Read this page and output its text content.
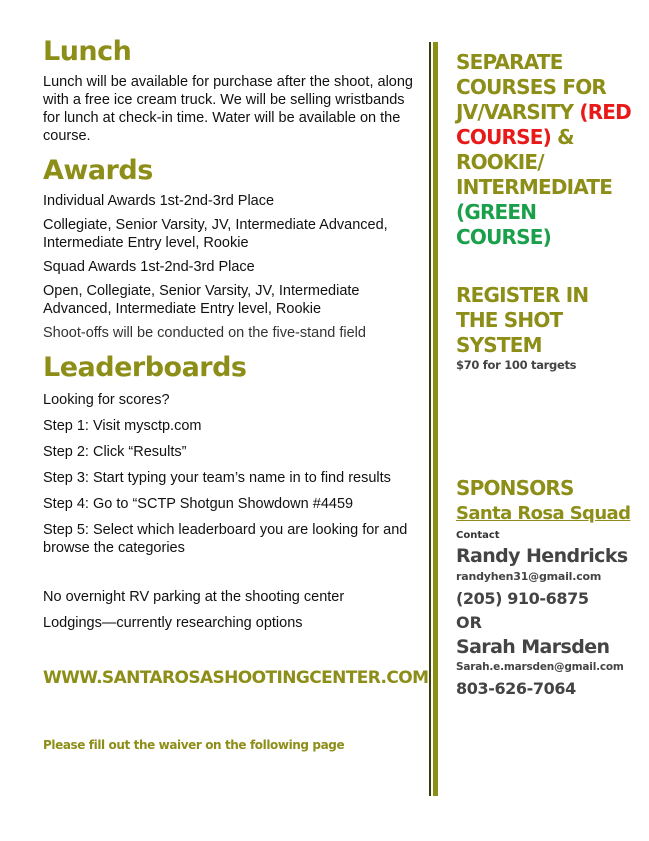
Lunch

Lunch will be available for purchase after the shoot, along with a free ice cream truck. We will be selling wristbands for lunch at check-in time. Water will be available on the course.

Awards

Individual Awards 1st-2nd-3rd Place

Collegiate, Senior Varsity, JV, Intermediate Advanced, Intermediate Entry level, Rookie

Squad Awards 1st-2nd-3rd Place

Open, Collegiate, Senior Varsity, JV, Intermediate Advanced, Intermediate Entry level, Rookie

Shoot-offs will be conducted on the five-stand field

Leaderboards

Looking for scores?

Step 1: Visit mysctp.com

Step 2: Click “Results”

Step 3: Start typing your team’s name in to find results

Step 4: Go to “SCTP Shotgun Showdown #4459

Step 5: Select which leaderboard you are looking for and browse the categories

No overnight RV parking at the shooting center

Lodgings—currently researching options

WWW.SANTAROSASHOOTINGCENTER.COM
Please fill out the waiver on the following page
SEPARATE COURSES FOR JV/VARSITY (RED COURSE) & ROOKIE/ INTERMEDIATE (GREEN COURSE)
REGISTER IN THE SHOT SYSTEM
$70 for 100 targets
SPONSORS
Santa Rosa Squad
Contact
Randy Hendricks
randyhen31@gmail.com
(205) 910-6875
OR
Sarah Marsden
Sarah.e.marsden@gmail.com
803-626-7064
